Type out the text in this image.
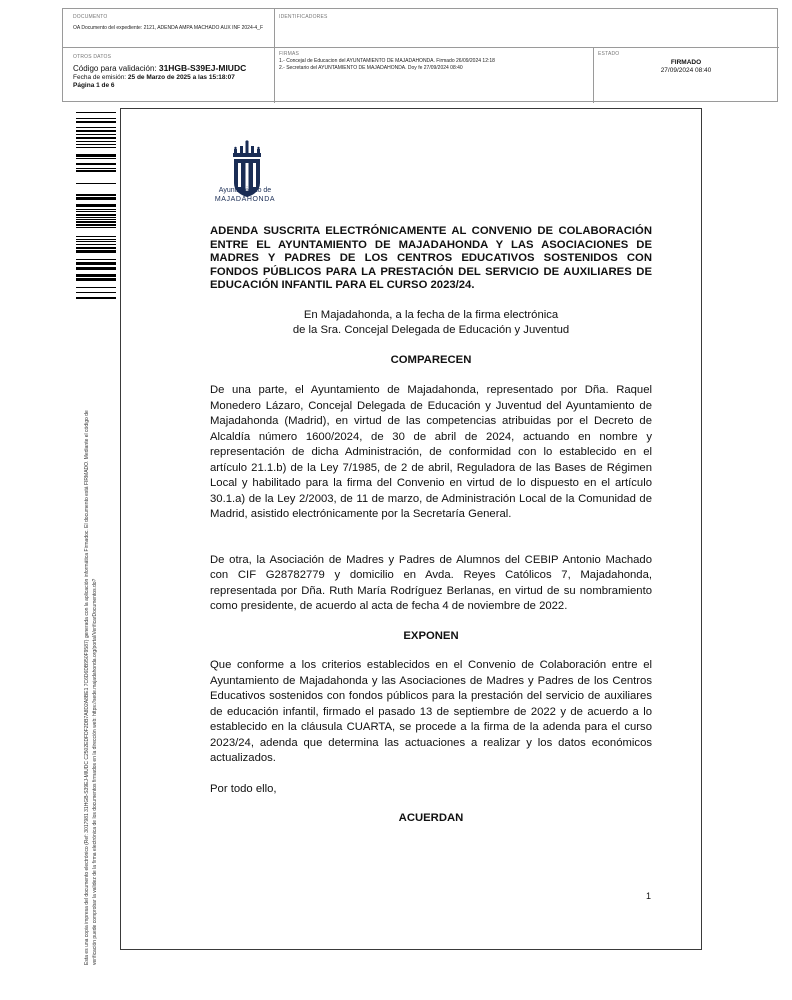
DOCUMENTO
OA Documento del expediente: 2121, ADENDA AMPA MACHADO AUX INF 2024-4_F
IDENTIFICADORES
OTROS DATOS
Código para validación: 31HGB-S39EJ-MIUDC
Fecha de emisión: 25 de Marzo de 2025 a las 15:18:07
Página 1 de 6
FIRMAS
1.- Concejal de Educacion del AYUNTAMIENTO DE MAJADAHONDA. Firmado 26/09/2024 12:18
2.- Secretario del AYUNTAMIENTO DE MAJADAHONDA. Doy fe 27/09/2024 08:40
ESTADO
FIRMADO
27/09/2024 08:40
Esta es una copia impresa del documento electrónico (Ref: 3017981 31HGB-S39EJ-MIUDC C2502EDFDF2DB7A8D2A8BE1 7C6D6DB950F9587) generada con la aplicación informática Firmadoc. El documento está FIRMADO. Mediante el código de verificación puede comprobar la validez de la firma electrónica de los documentos firmados en la dirección web: https://sede.majadahonda.org/portal/VerificarDocumentos.do?
Ayuntamiento de
MAJADAHONDA
ADENDA SUSCRITA ELECTRÓNICAMENTE AL CONVENIO DE COLABORACIÓN ENTRE EL AYUNTAMIENTO DE MAJADAHONDA Y LAS ASOCIACIONES DE MADRES Y PADRES DE LOS CENTROS EDUCATIVOS SOSTENIDOS CON FONDOS PÚBLICOS PARA LA PRESTACIÓN DEL SERVICIO DE AUXILIARES DE EDUCACIÓN INFANTIL PARA EL CURSO 2023/24.
En Majadahonda, a la fecha de la firma electrónica
de la Sra. Concejal Delegada de Educación y Juventud
COMPARECEN

De una parte, el Ayuntamiento de Majadahonda, representado por Dña. Raquel Monedero Lázaro, Concejal Delegada de Educación y Juventud del Ayuntamiento de Majadahonda (Madrid), en virtud de las competencias atribuidas por el Decreto de Alcaldía número 1600/2024, de 30 de abril de 2024, actuando en nombre y representación de dicha Administración, de conformidad con lo establecido en el artículo 21.1.b) de la Ley 7/1985, de 2 de abril, Reguladora de las Bases de Régimen Local y habilitado para la firma del Convenio en virtud de lo dispuesto en el artículo 30.1.a) de la Ley 2/2003, de 11 de marzo, de Administración Local de la Comunidad de Madrid, asistido electrónicamente por la Secretaría General.

De otra, la Asociación de Madres y Padres de Alumnos del CEBIP Antonio Machado con CIF G28782779 y domicilio en Avda. Reyes Católicos 7, Majadahonda, representada por Dña. Ruth María Rodríguez Berlanas, en virtud de su nombramiento como presidente, de acuerdo al acta de fecha 4 de noviembre de 2022.

EXPONEN

Que conforme a los criterios establecidos en el Convenio de Colaboración entre el Ayuntamiento de Majadahonda y las Asociaciones de Madres y Padres de los Centros Educativos sostenidos con fondos públicos para la prestación del servicio de auxiliares de educación infantil, firmado el pasado 13 de septiembre de 2022 y de acuerdo a lo establecido en la cláusula CUARTA, se procede a la firma de la adenda para el curso 2023/24, adenda que determina las actuaciones a realizar y los datos económicos actualizados.

Por todo ello,

ACUERDAN
1
